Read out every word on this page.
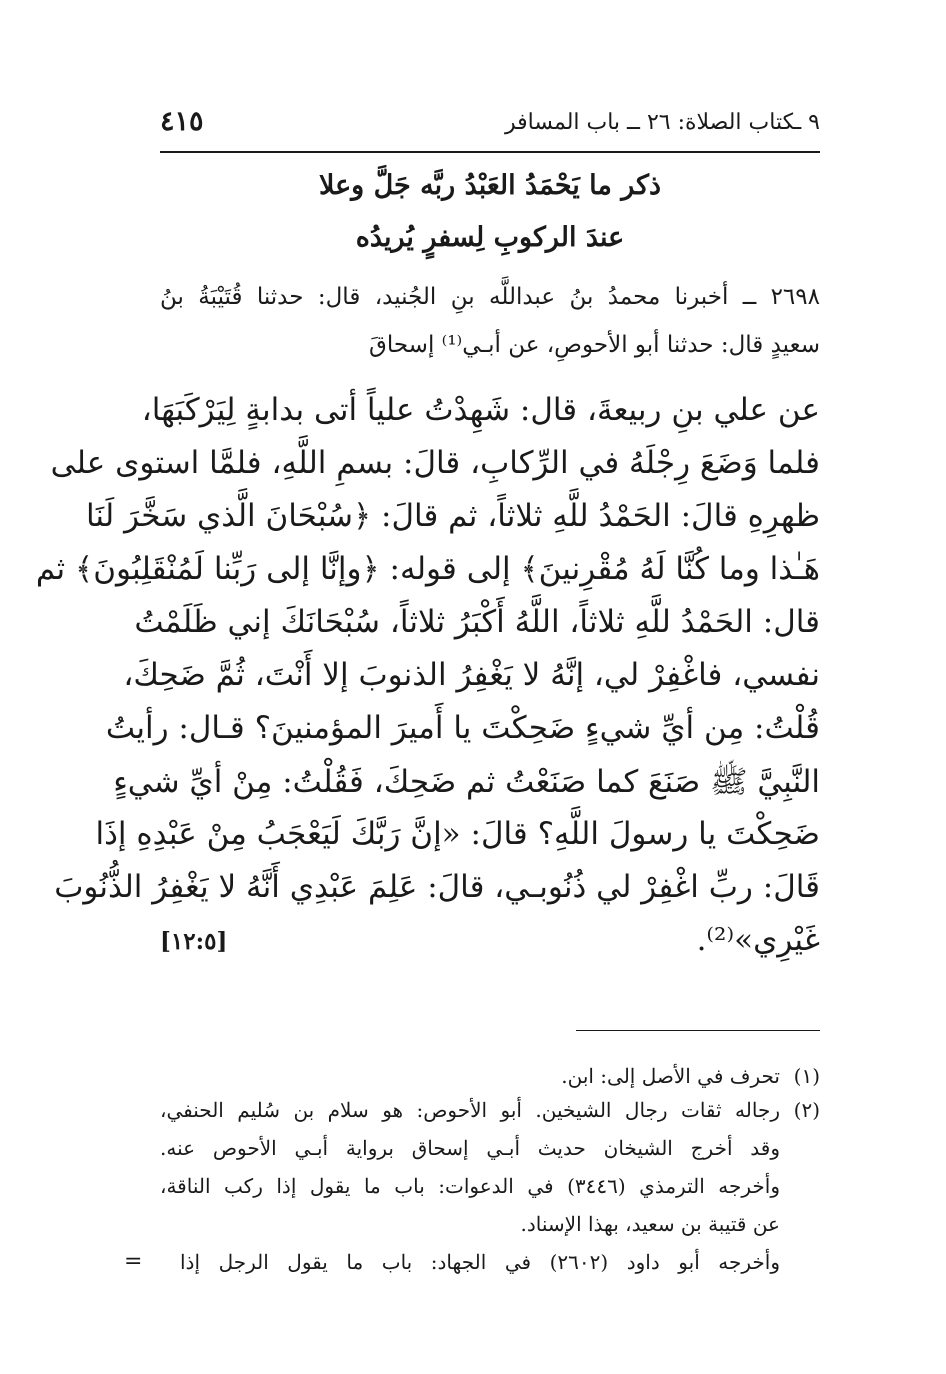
٩ ـكتاب الصلاة: ٢٦ ــ باب المسافر
٤١٥
ذكر ما يَحْمَدُ العَبْدُ ربَّه جَلَّ وعلا
عندَ الركوبِ لِسفرٍ يُريدُه
٢٦٩٨ ــ أخبرنا محمدُ بنُ عبداللَّه بنِ الجُنيد، قال: حدثنا قُتَيْبَةُ بنُ
سعيدٍ قال: حدثنا أبو الأحوصِ، عن أبـي⁽¹⁾ إسحاقَ
عن علي بنِ ربيعةَ، قال: شَهِدْتُ علياً أتى بدابةٍ لِيَرْكَبَهَا،
فلما وَضَعَ رِجْلَهُ في الرِّكابِ، قالَ: بسمِ اللَّهِ، فلمَّا استوى على
ظهرِهِ قالَ: الحَمْدُ للَّهِ ثلاثاً، ثم قالَ: ﴿سُبْحَانَ الَّذي سَخَّرَ لَنَا
هَـٰذا وما كُنَّا لَهُ مُقْرِنينَ﴾ إلى قوله: ﴿وإنَّا إلى رَبِّنا لَمُنْقَلِبُونَ﴾ ثم
قال: الحَمْدُ للَّهِ ثلاثاً، اللَّهُ أَكْبَرُ ثلاثاً، سُبْحَانَكَ إني ظَلَمْتُ
نفسي، فاغْفِرْ لي، إنَّهُ لا يَغْفِرُ الذنوبَ إلا أَنْتَ، ثُمَّ ضَحِكَ،
قُلْتُ: مِن أيِّ شيءٍ ضَحِكْتَ يا أَميرَ المؤمنينَ؟ قـال: رأيتُ
النَّبِيَّ ﷺ صَنَعَ كما صَنَعْتُ ثم ضَحِكَ، فَقُلْتُ: مِنْ أيِّ شيءٍ
ضَحِكْتَ يا رسولَ اللَّهِ؟ قالَ: «إنَّ رَبَّكَ لَيَعْجَبُ مِنْ عَبْدِهِ إذَا
قَالَ: ربِّ اغْفِرْ لي ذُنُوبـي، قالَ: عَلِمَ عَبْدِي أَنَّهُ لا يَغْفِرُ الذُّنُوبَ
غَيْرِي»⁽²⁾.
[١٢:٥]
(١)
تحرف في الأصل إلى: ابن.
(٢)
رجاله ثقات رجال الشيخين. أبو الأحوص: هو سلام بن سُليم الحنفي،
وقد أخرج الشيخان حديث أبـي إسحاق برواية أبـي الأحوص عنه.
وأخرجه الترمذي (٣٤٤٦) في الدعوات: باب ما يقول إذا ركب الناقة،
عن قتيبة بن سعيد، بهذا الإسناد.
وأخرجه أبو داود (٢٦٠٢) في الجهاد: باب ما يقول الرجل إذا
=
